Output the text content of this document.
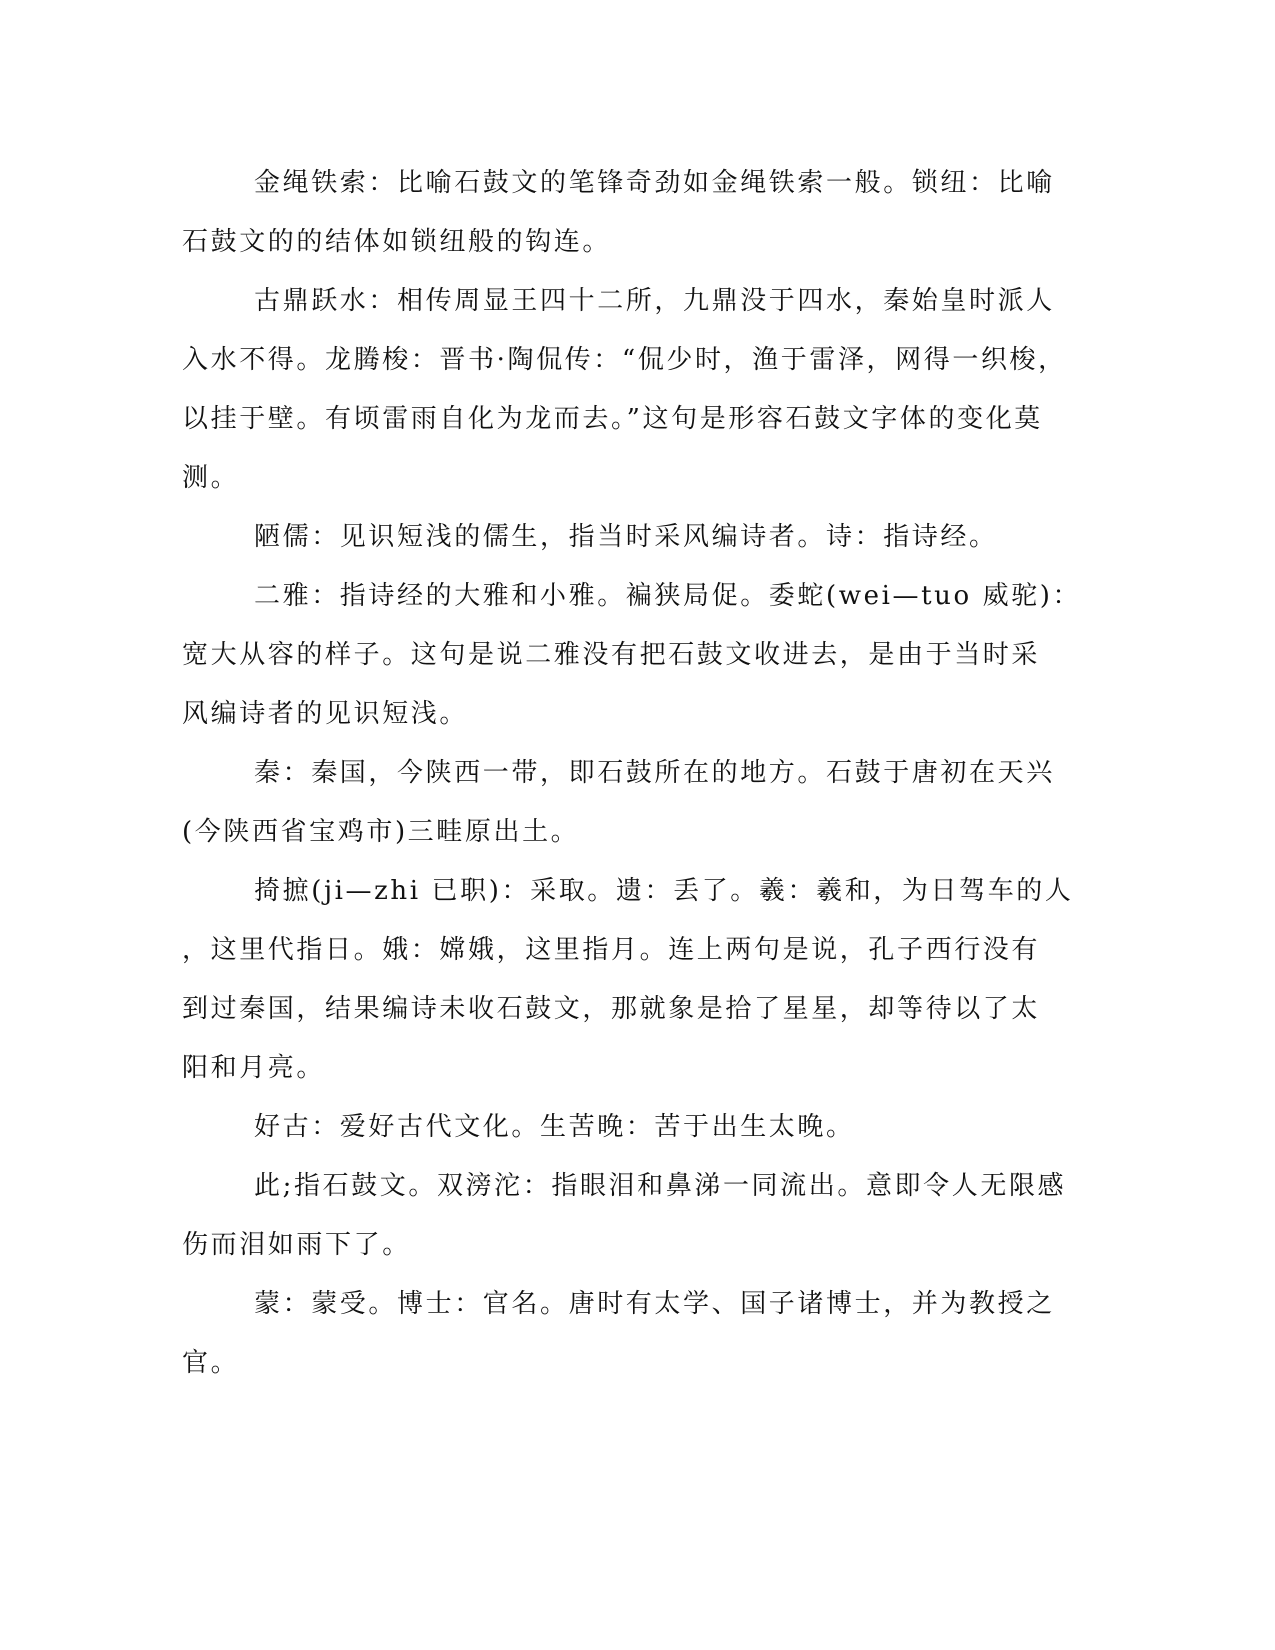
金绳铁索：比喻石鼓文的笔锋奇劲如金绳铁索一般。锁纽：比喻
石鼓文的的结体如锁纽般的钩连。
古鼎跃水：相传周显王四十二所，九鼎没于四水，秦始皇时派人
入水不得。龙腾梭：晋书·陶侃传：“侃少时，渔于雷泽，网得一织梭，
以挂于壁。有顷雷雨自化为龙而去。”这句是形容石鼓文字体的变化莫
测。
陋儒：见识短浅的儒生，指当时采风编诗者。诗：指诗经。
二雅：指诗经的大雅和小雅。褊狭局促。委蛇(wei—tuo 威驼)：
宽大从容的样子。这句是说二雅没有把石鼓文收进去，是由于当时采
风编诗者的见识短浅。
秦：秦国，今陕西一带，即石鼓所在的地方。石鼓于唐初在天兴
(今陕西省宝鸡市)三畦原出土。
掎摭(ji—zhi 已职)：采取。遗：丢了。羲：羲和，为日驾车的人
，这里代指日。娥：嫦娥，这里指月。连上两句是说，孔子西行没有
到过秦国，结果编诗未收石鼓文，那就象是拾了星星，却等待以了太
阳和月亮。
好古：爱好古代文化。生苦晚：苦于出生太晚。
此;指石鼓文。双滂沱：指眼泪和鼻涕一同流出。意即令人无限感
伤而泪如雨下了。
蒙：蒙受。博士：官名。唐时有太学、国子诸博士，并为教授之
官。
